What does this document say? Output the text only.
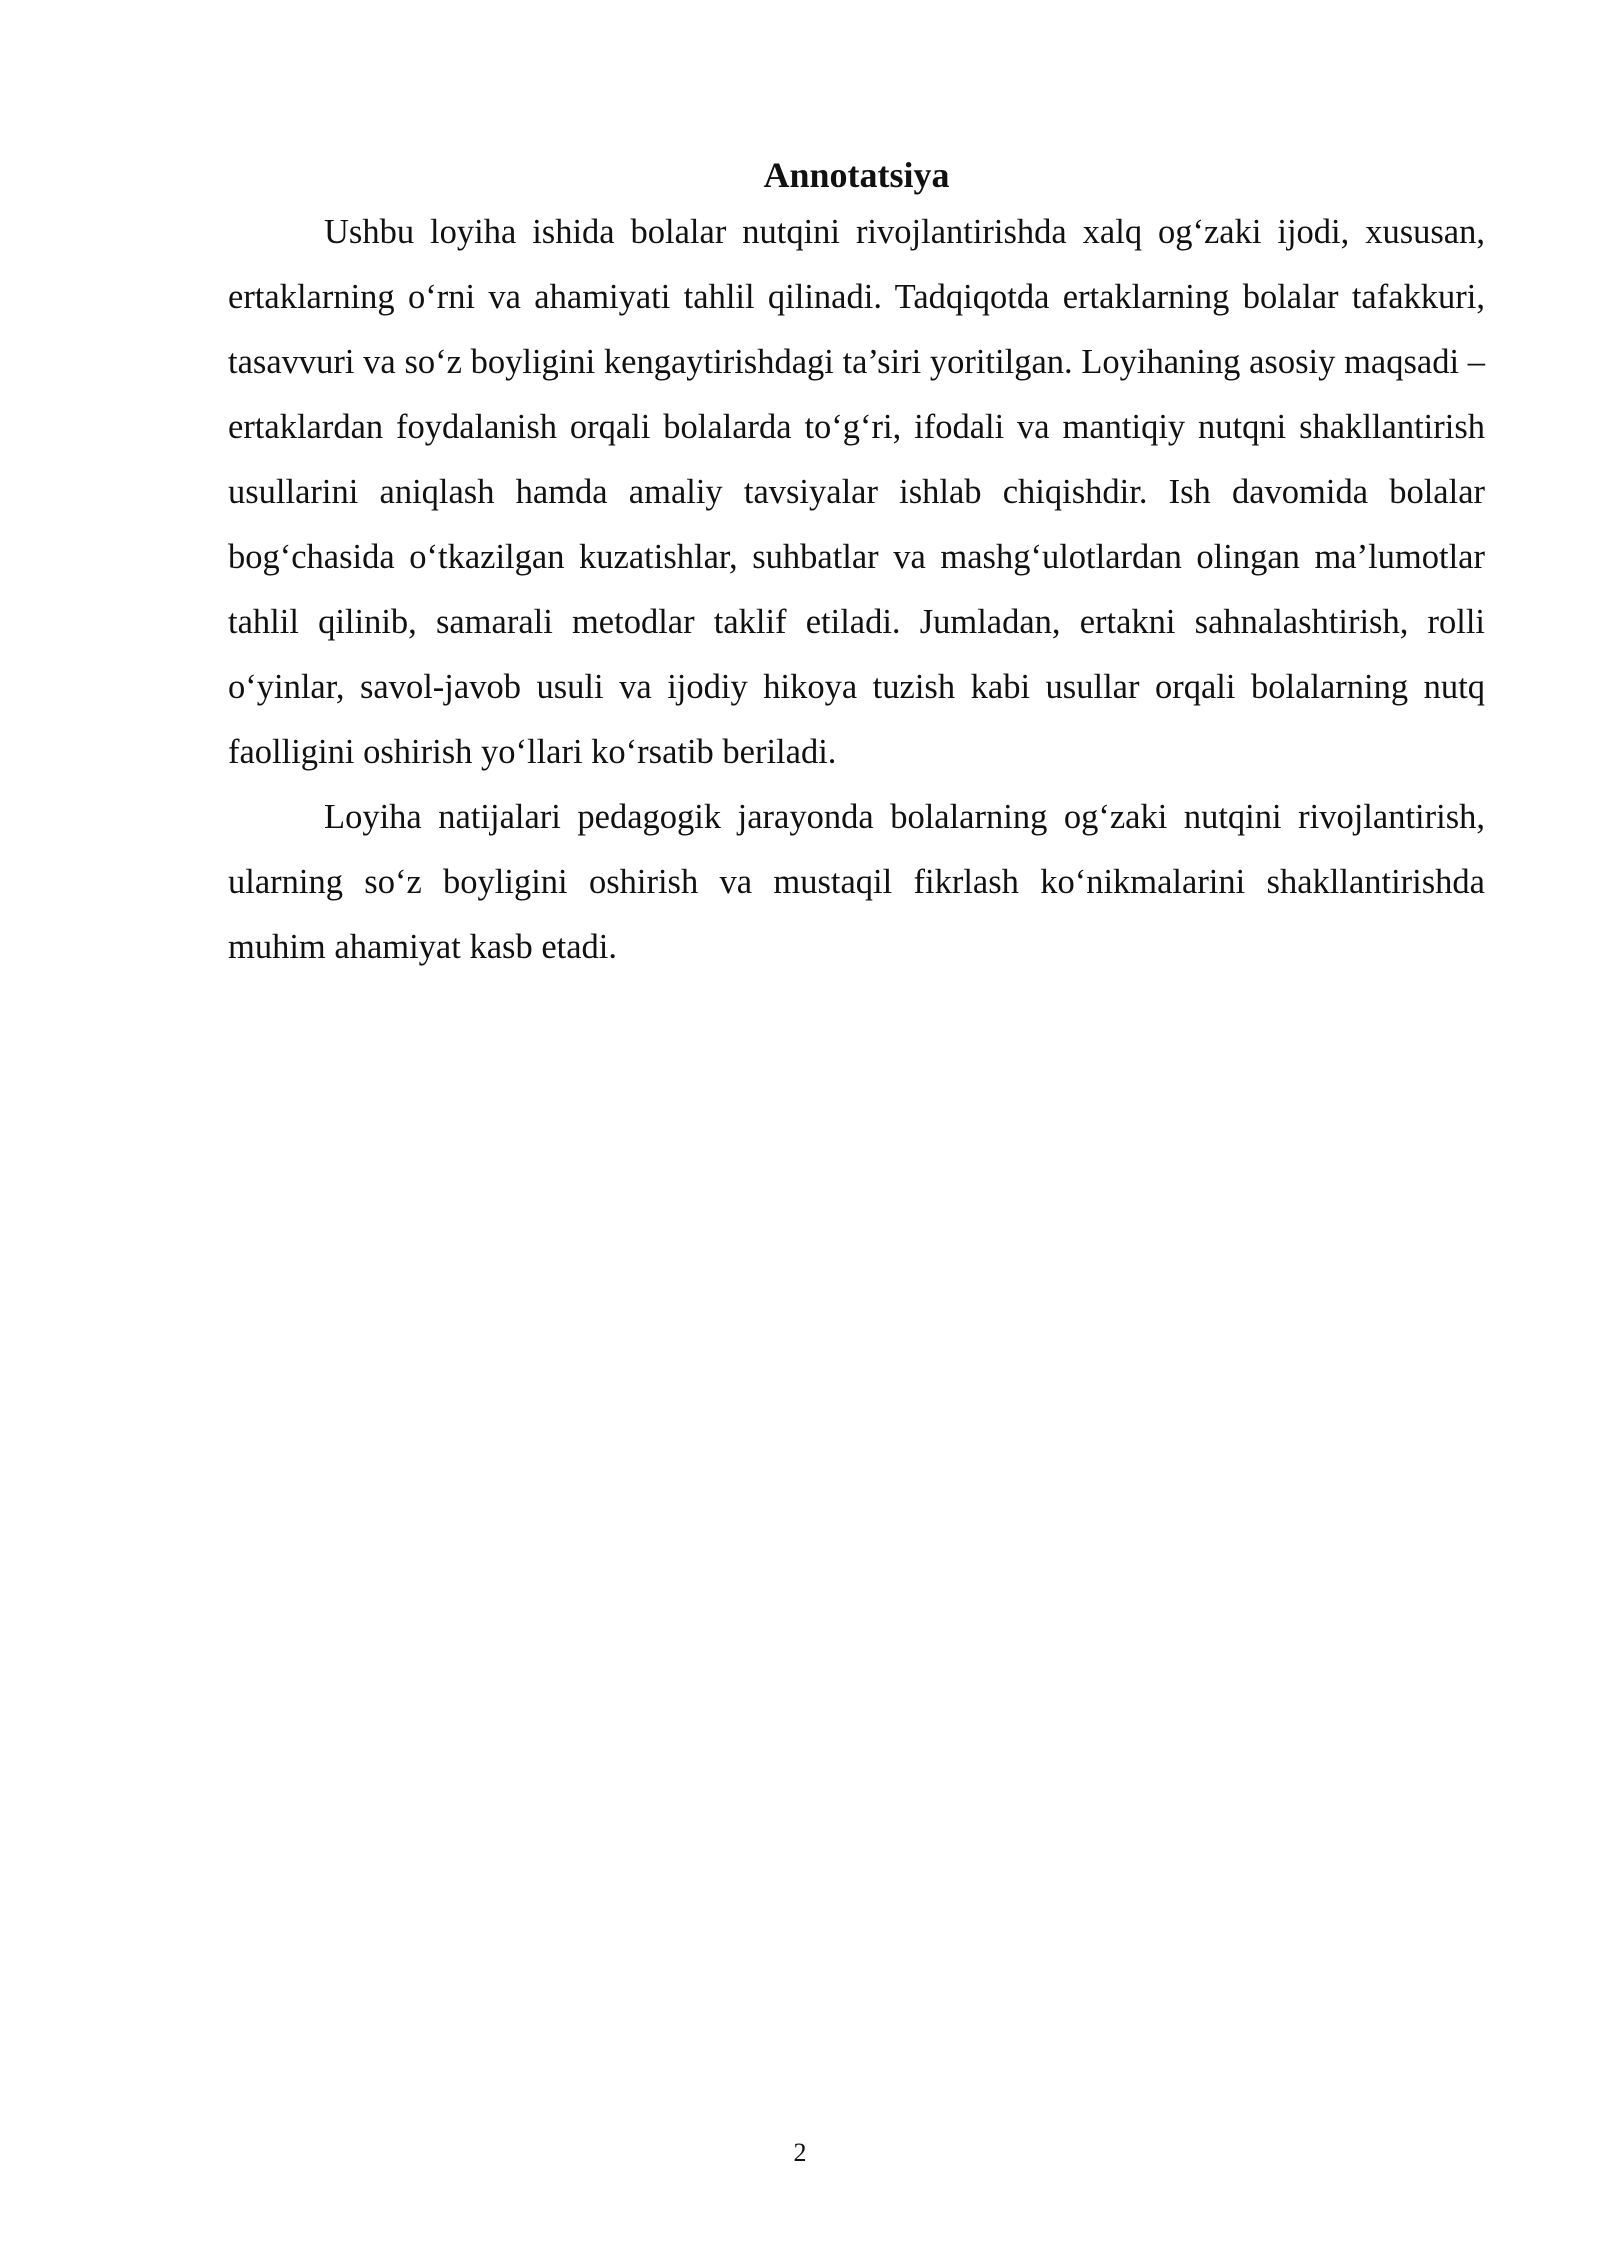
Annotatsiya

Ushbu loyiha ishida bolalar nutqini rivojlantirishda xalq og‘zaki ijodi, xususan, ertaklarning o‘rni va ahamiyati tahlil qilinadi. Tadqiqotda ertaklarning bolalar tafakkuri, tasavvuri va so‘z boyligini kengaytirishdagi ta’siri yoritilgan. Loyihaning asosiy maqsadi – ertaklardan foydalanish orqali bolalarda to‘g‘ri, ifodali va mantiqiy nutqni shakllantirish usullarini aniqlash hamda amaliy tavsiyalar ishlab chiqishdir. Ish davomida bolalar bog‘chasida o‘tkazilgan kuzatishlar, suhbatlar va mashg‘ulotlardan olingan ma’lumotlar tahlil qilinib, samarali metodlar taklif etiladi. Jumladan, ertakni sahnalashtirish, rolli o‘yinlar, savol-javob usuli va ijodiy hikoya tuzish kabi usullar orqali bolalarning nutq faolligini oshirish yo‘llari ko‘rsatib beriladi.

Loyiha natijalari pedagogik jarayonda bolalarning og‘zaki nutqini rivojlantirish, ularning so‘z boyligini oshirish va mustaqil fikrlash ko‘nikmalarini shakllantirishda muhim ahamiyat kasb etadi.

2
